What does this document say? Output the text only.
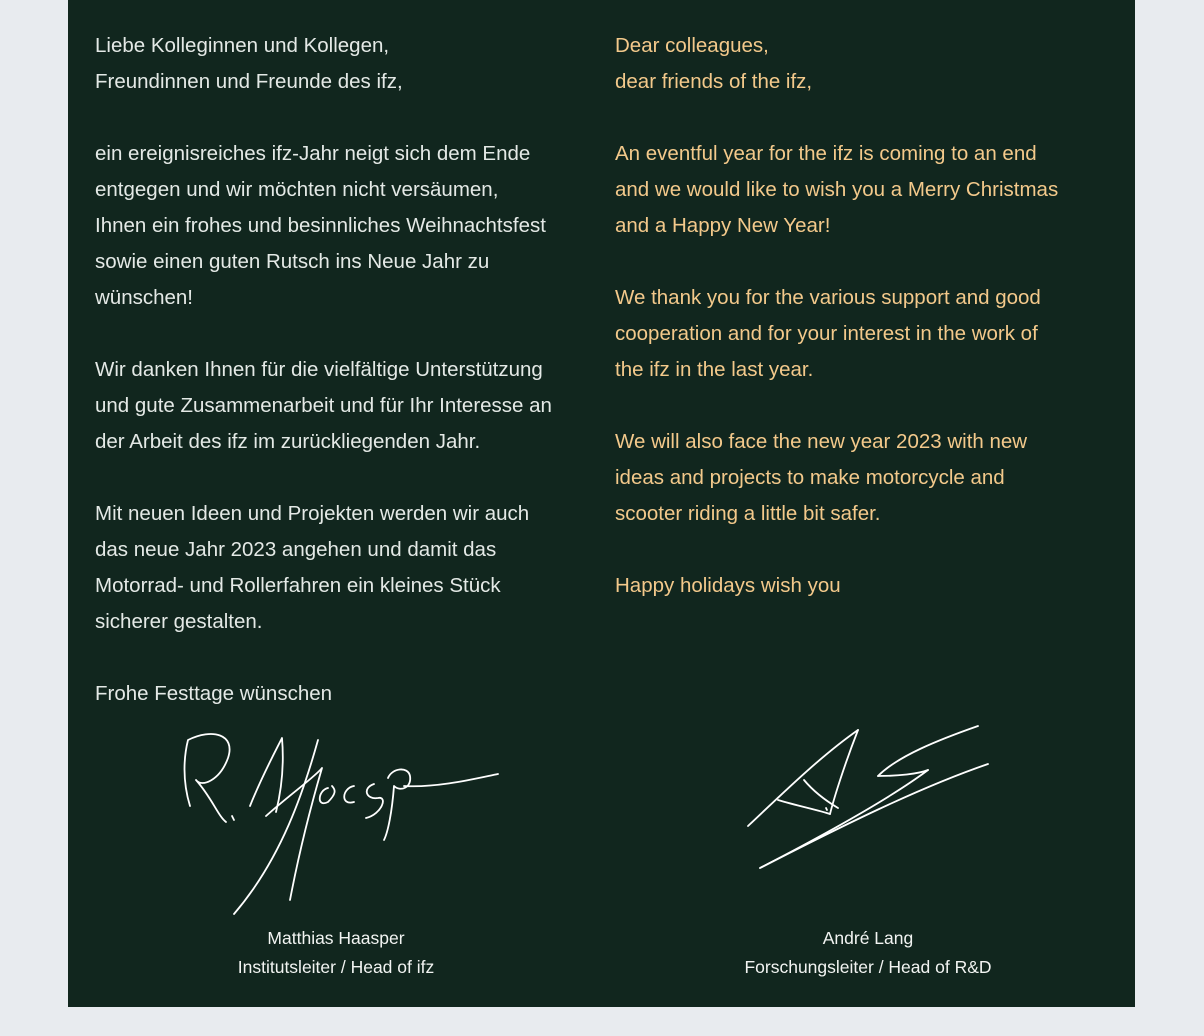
Liebe Kolleginnen und Kollegen,
Freundinnen und Freunde des ifz,

ein ereignisreiches ifz-Jahr neigt sich dem Ende
entgegen und wir möchten nicht versäumen,
Ihnen ein frohes und besinnliches Weihnachtsfest
sowie einen guten Rutsch ins Neue Jahr zu
wünschen!

Wir danken Ihnen für die vielfältige Unterstützung
und gute Zusammenarbeit und für Ihr Interesse an
der Arbeit des ifz im zurückliegenden Jahr.

Mit neuen Ideen und Projekten werden wir auch
das neue Jahr 2023 angehen und damit das
Motorrad- und Rollerfahren ein kleines Stück
sicherer gestalten.

Frohe Festtage wünschen

Dear colleagues,
dear friends of the ifz,

An eventful year for the ifz is coming to an end
and we would like to wish you a Merry Christmas
and a Happy New Year!

We thank you for the various support and good
cooperation and for your interest in the work of
the ifz in the last year.

We will also face the new year 2023 with new
ideas and projects to make motorcycle and
scooter riding a little bit safer.

Happy holidays wish you

Matthias Haasper
Institutsleiter / Head of ifz
André Lang
Forschungsleiter / Head of R&D
